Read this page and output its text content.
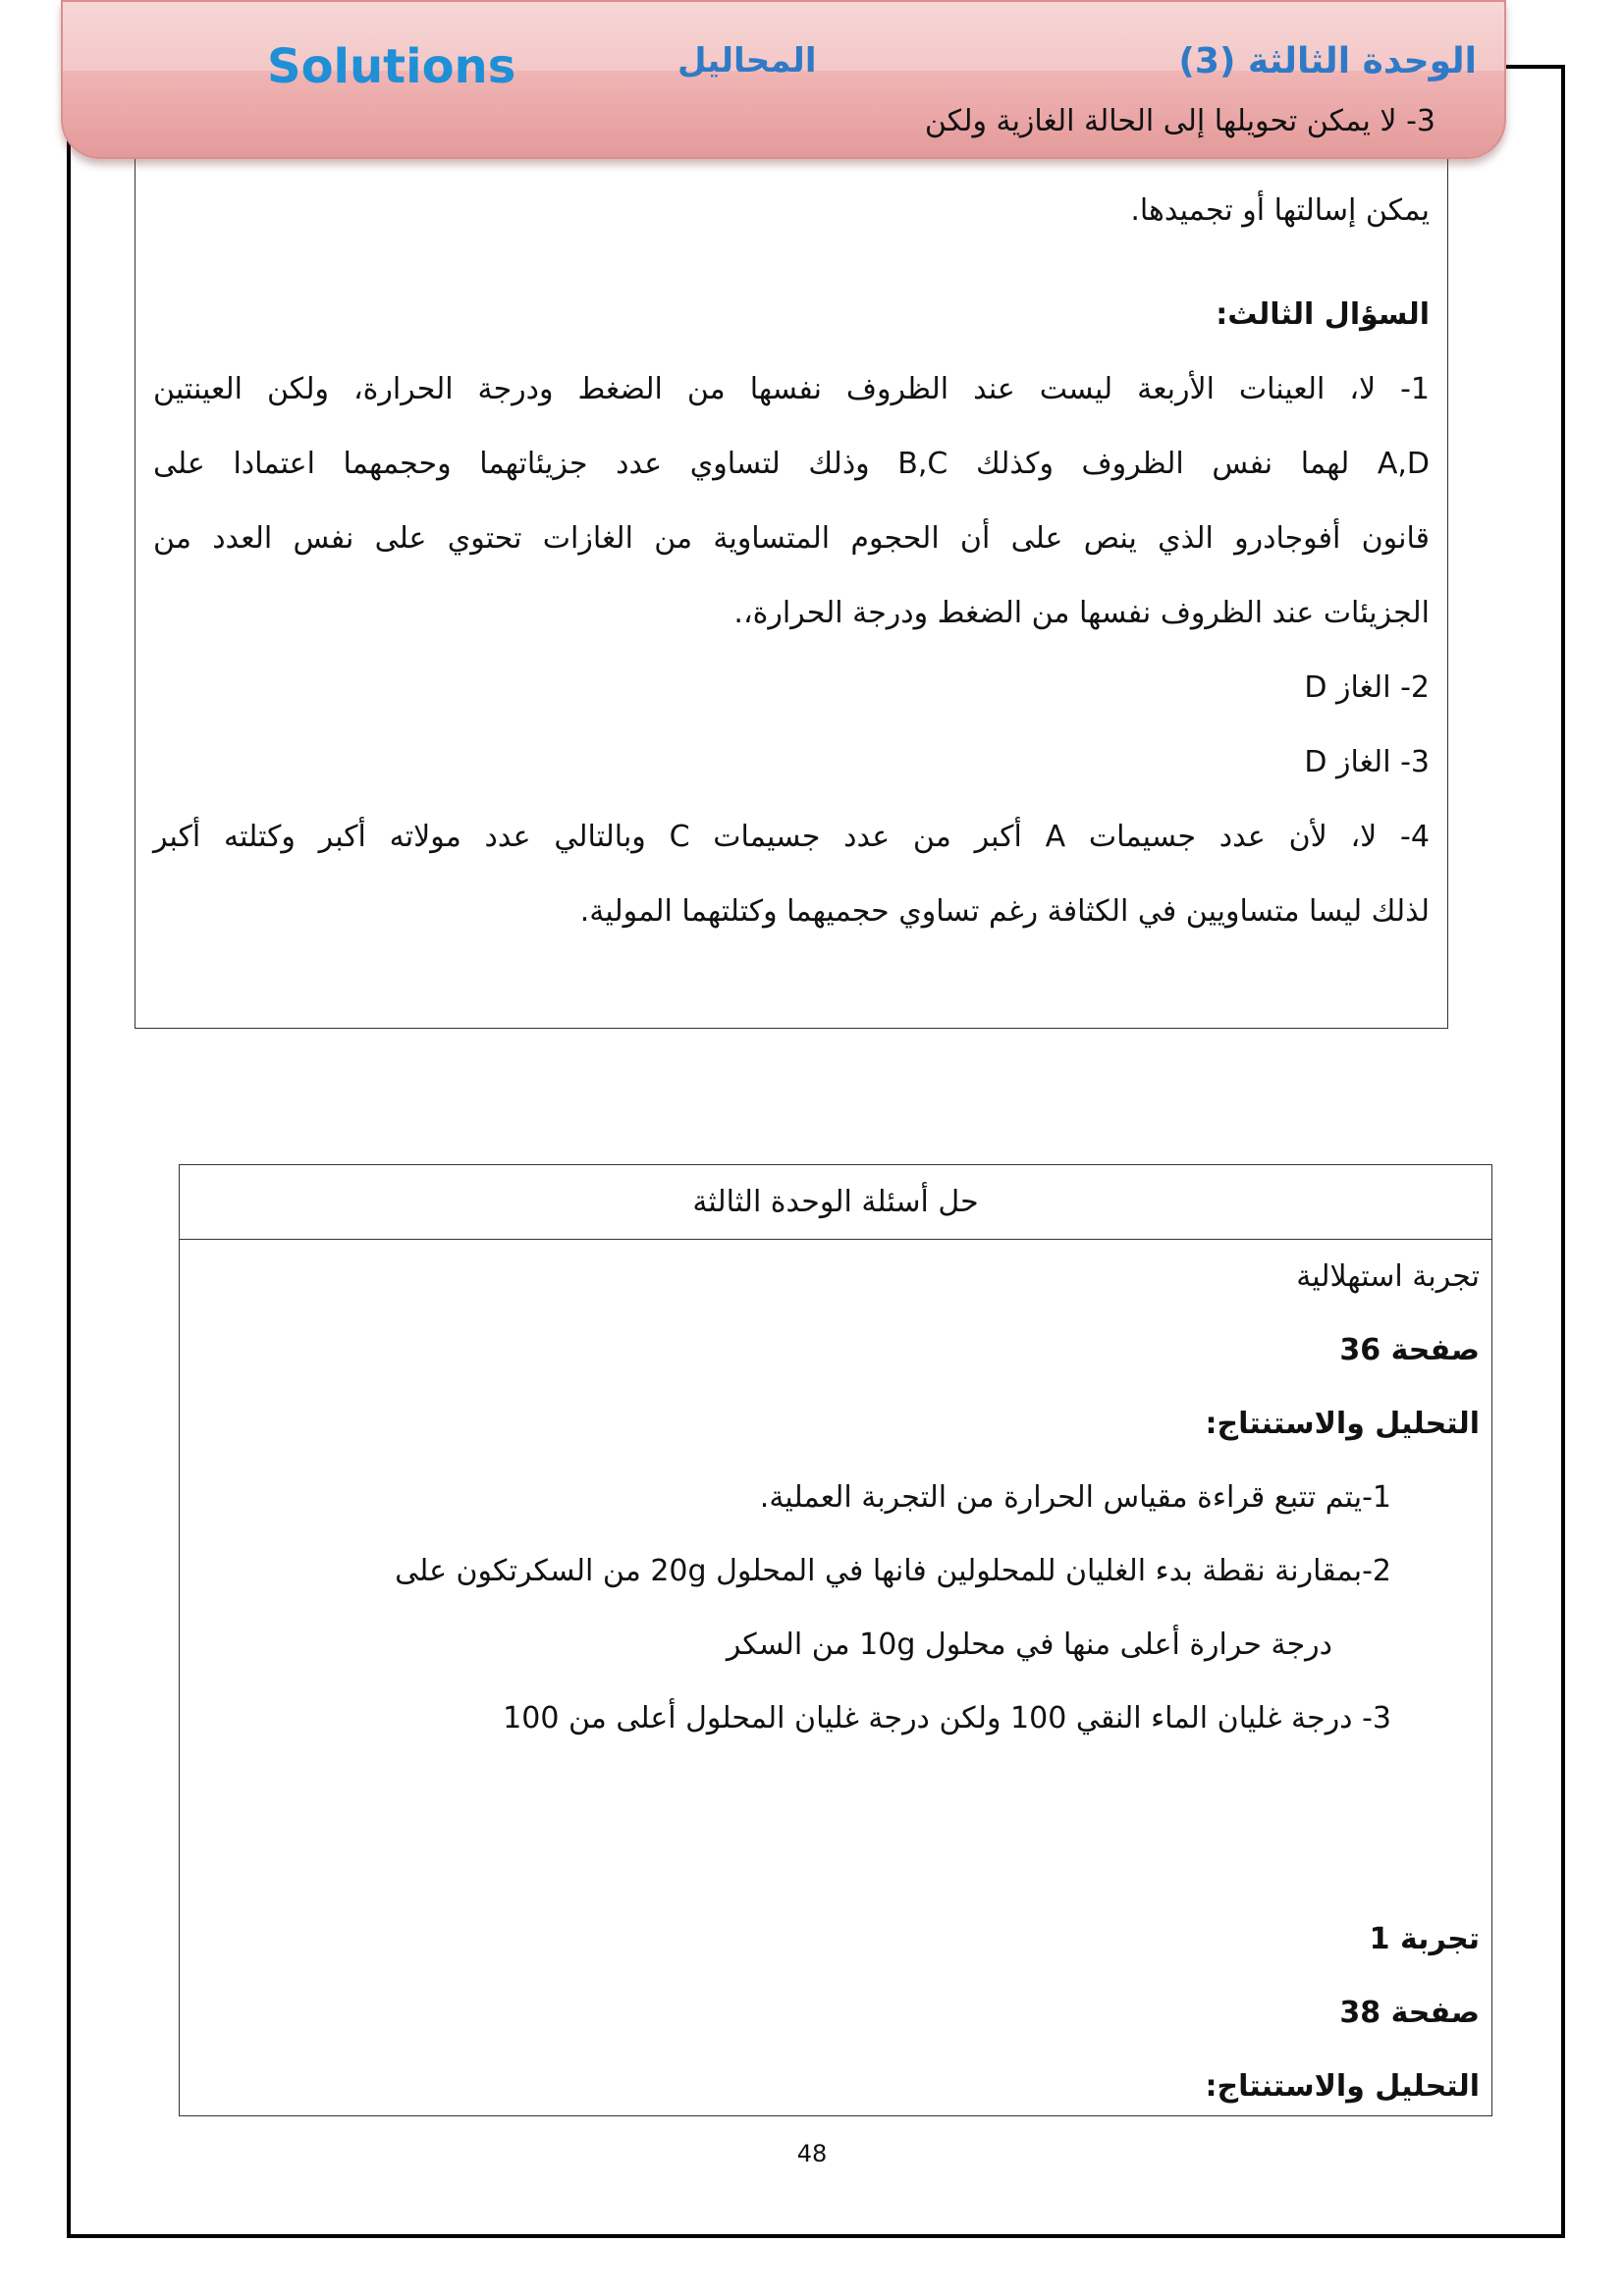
يمكن إسالتها أو تجميدها.
السؤال الثالث:
1- لا، العينات الأربعة ليست عند الظروف نفسها من الضغط ودرجة الحرارة، ولكن العينتين
A,D لهما نفس الظروف وكذلك B,C وذلك لتساوي عدد جزيئاتهما وحجمهما اعتمادا على
قانون أفوجادرو الذي ينص على أن الحجوم المتساوية من الغازات تحتوي على نفس العدد من
الجزيئات عند الظروف نفسها من الضغط ودرجة الحرارة،.
2- الغاز D
3- الغاز D
4- لا، لأن عدد جسيمات A أكبر من عدد جسيمات C وبالتالي عدد مولاته أكبر وكتلته أكبر
لذلك ليسا متساويين في الكثافة رغم تساوي حجميهما وكتلتهما المولية.
3- لا يمكن تحويلها إلى الحالة الغازية ولكن
Solutions	المحاليل	الوحدة الثالثة (3)
حل أسئلة الوحدة الثالثة
تجربة استهلالية
صفحة 36
التحليل والاستنتاج:
1-يتم تتبع قراءة مقياس الحرارة من التجربة العملية.
2-بمقارنة نقطة بدء الغليان للمحلولين فانها في المحلول 20g من السكرتكون على
درجة حرارة أعلى منها في محلول 10g من السكر
3- درجة غليان الماء النقي 100 ولكن درجة غليان المحلول أعلى من 100
تجربة 1
صفحة 38
التحليل والاستنتاج:
48
